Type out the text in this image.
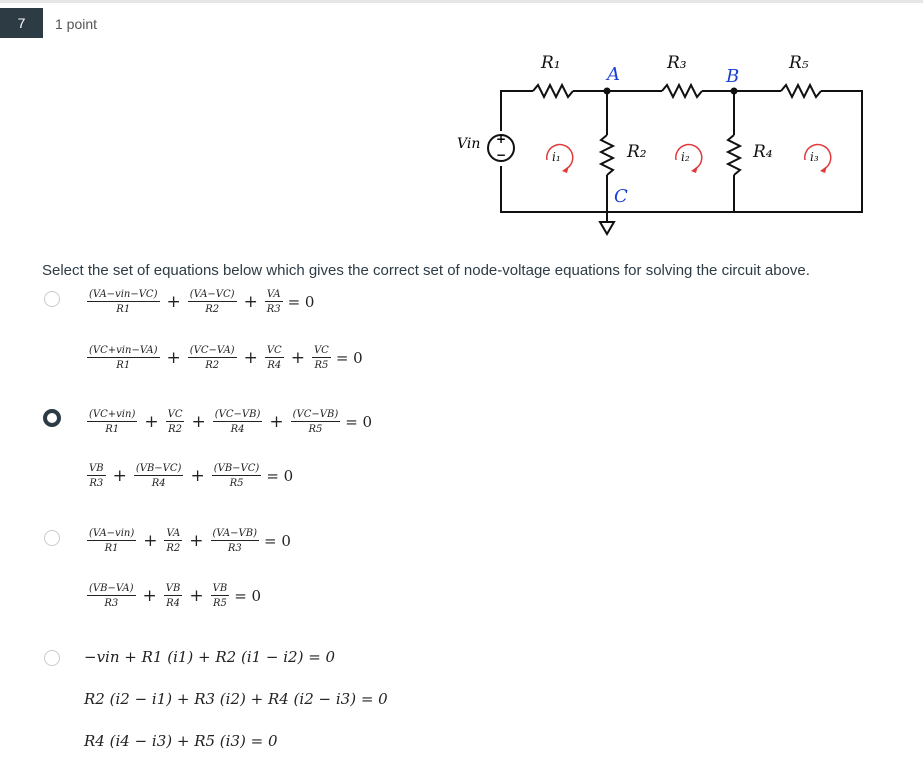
7	1 point
+
−
Vin
R₁	R₃	R₅
R₂	R₄
A	B
C
i₁	i₂	i₃
Select the set of equations below which gives the correct set of node-voltage equations for solving the circuit above.
$\frac{\text{(VA−vin−VC)}}{R1} + \frac{(VA-VC)}{R2} + \frac{VA}{R3} = 0$
$\frac{\text{(VC+vin−VA)}}{R1} + \frac{(VC-VA)}{R2} + \frac{VC}{R4} + \frac{VC}{R5} = 0$
$\frac{\text{(VC+vin)}}{R1} + \frac{VC}{R2} + \frac{(VC-VB)}{R4} + \frac{(VC-VB)}{R5} = 0$
$\frac{VB}{R3} + \frac{(VB-VC)}{R4} + \frac{(VB-VC)}{R5} = 0$
$\frac{\text{(VA−vin)}}{R1} + \frac{VA}{R2} + \frac{(VA-VB)}{R3} = 0$
$\frac{(VB-VA)}{R3} + \frac{VB}{R4} + \frac{VB}{R5} = 0$
−vin + R1 (i1) + R2 (i1 − i2) = 0
R2 (i2 − i1) + R3 (i2) + R4 (i2 − i3) = 0
R4 (i4 − i3) + R5 (i3) = 0
